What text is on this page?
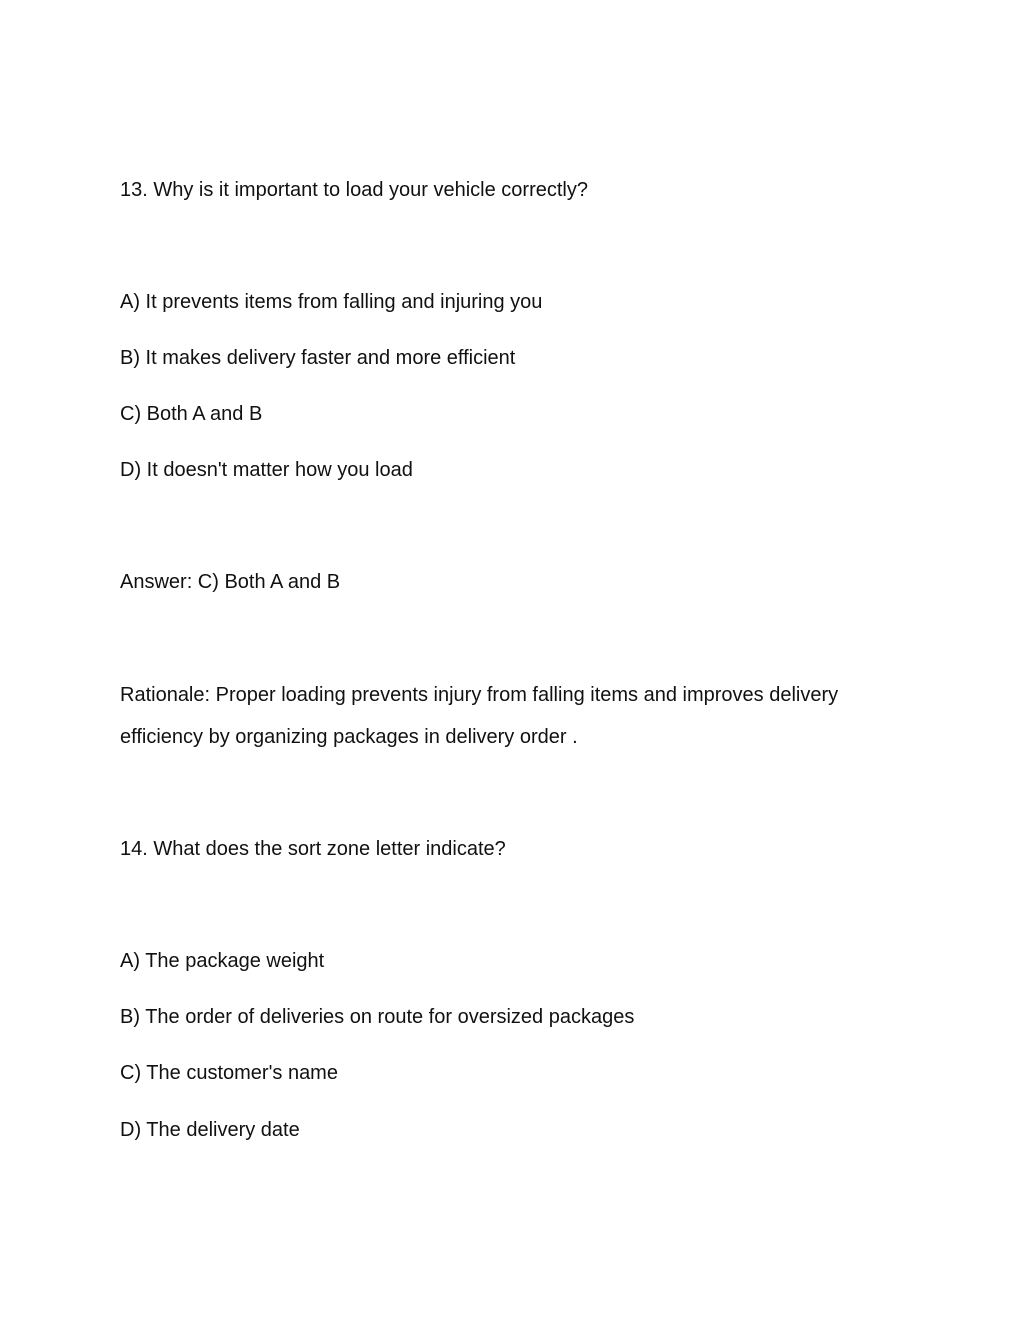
13. Why is it important to load your vehicle correctly?

A) It prevents items from falling and injuring you

B) It makes delivery faster and more efficient

C) Both A and B

D) It doesn't matter how you load

Answer: C) Both A and B

Rationale: Proper loading prevents injury from falling items and improves delivery

efficiency by organizing packages in delivery order .

14. What does the sort zone letter indicate?

A) The package weight

B) The order of deliveries on route for oversized packages

C) The customer's name

D) The delivery date
